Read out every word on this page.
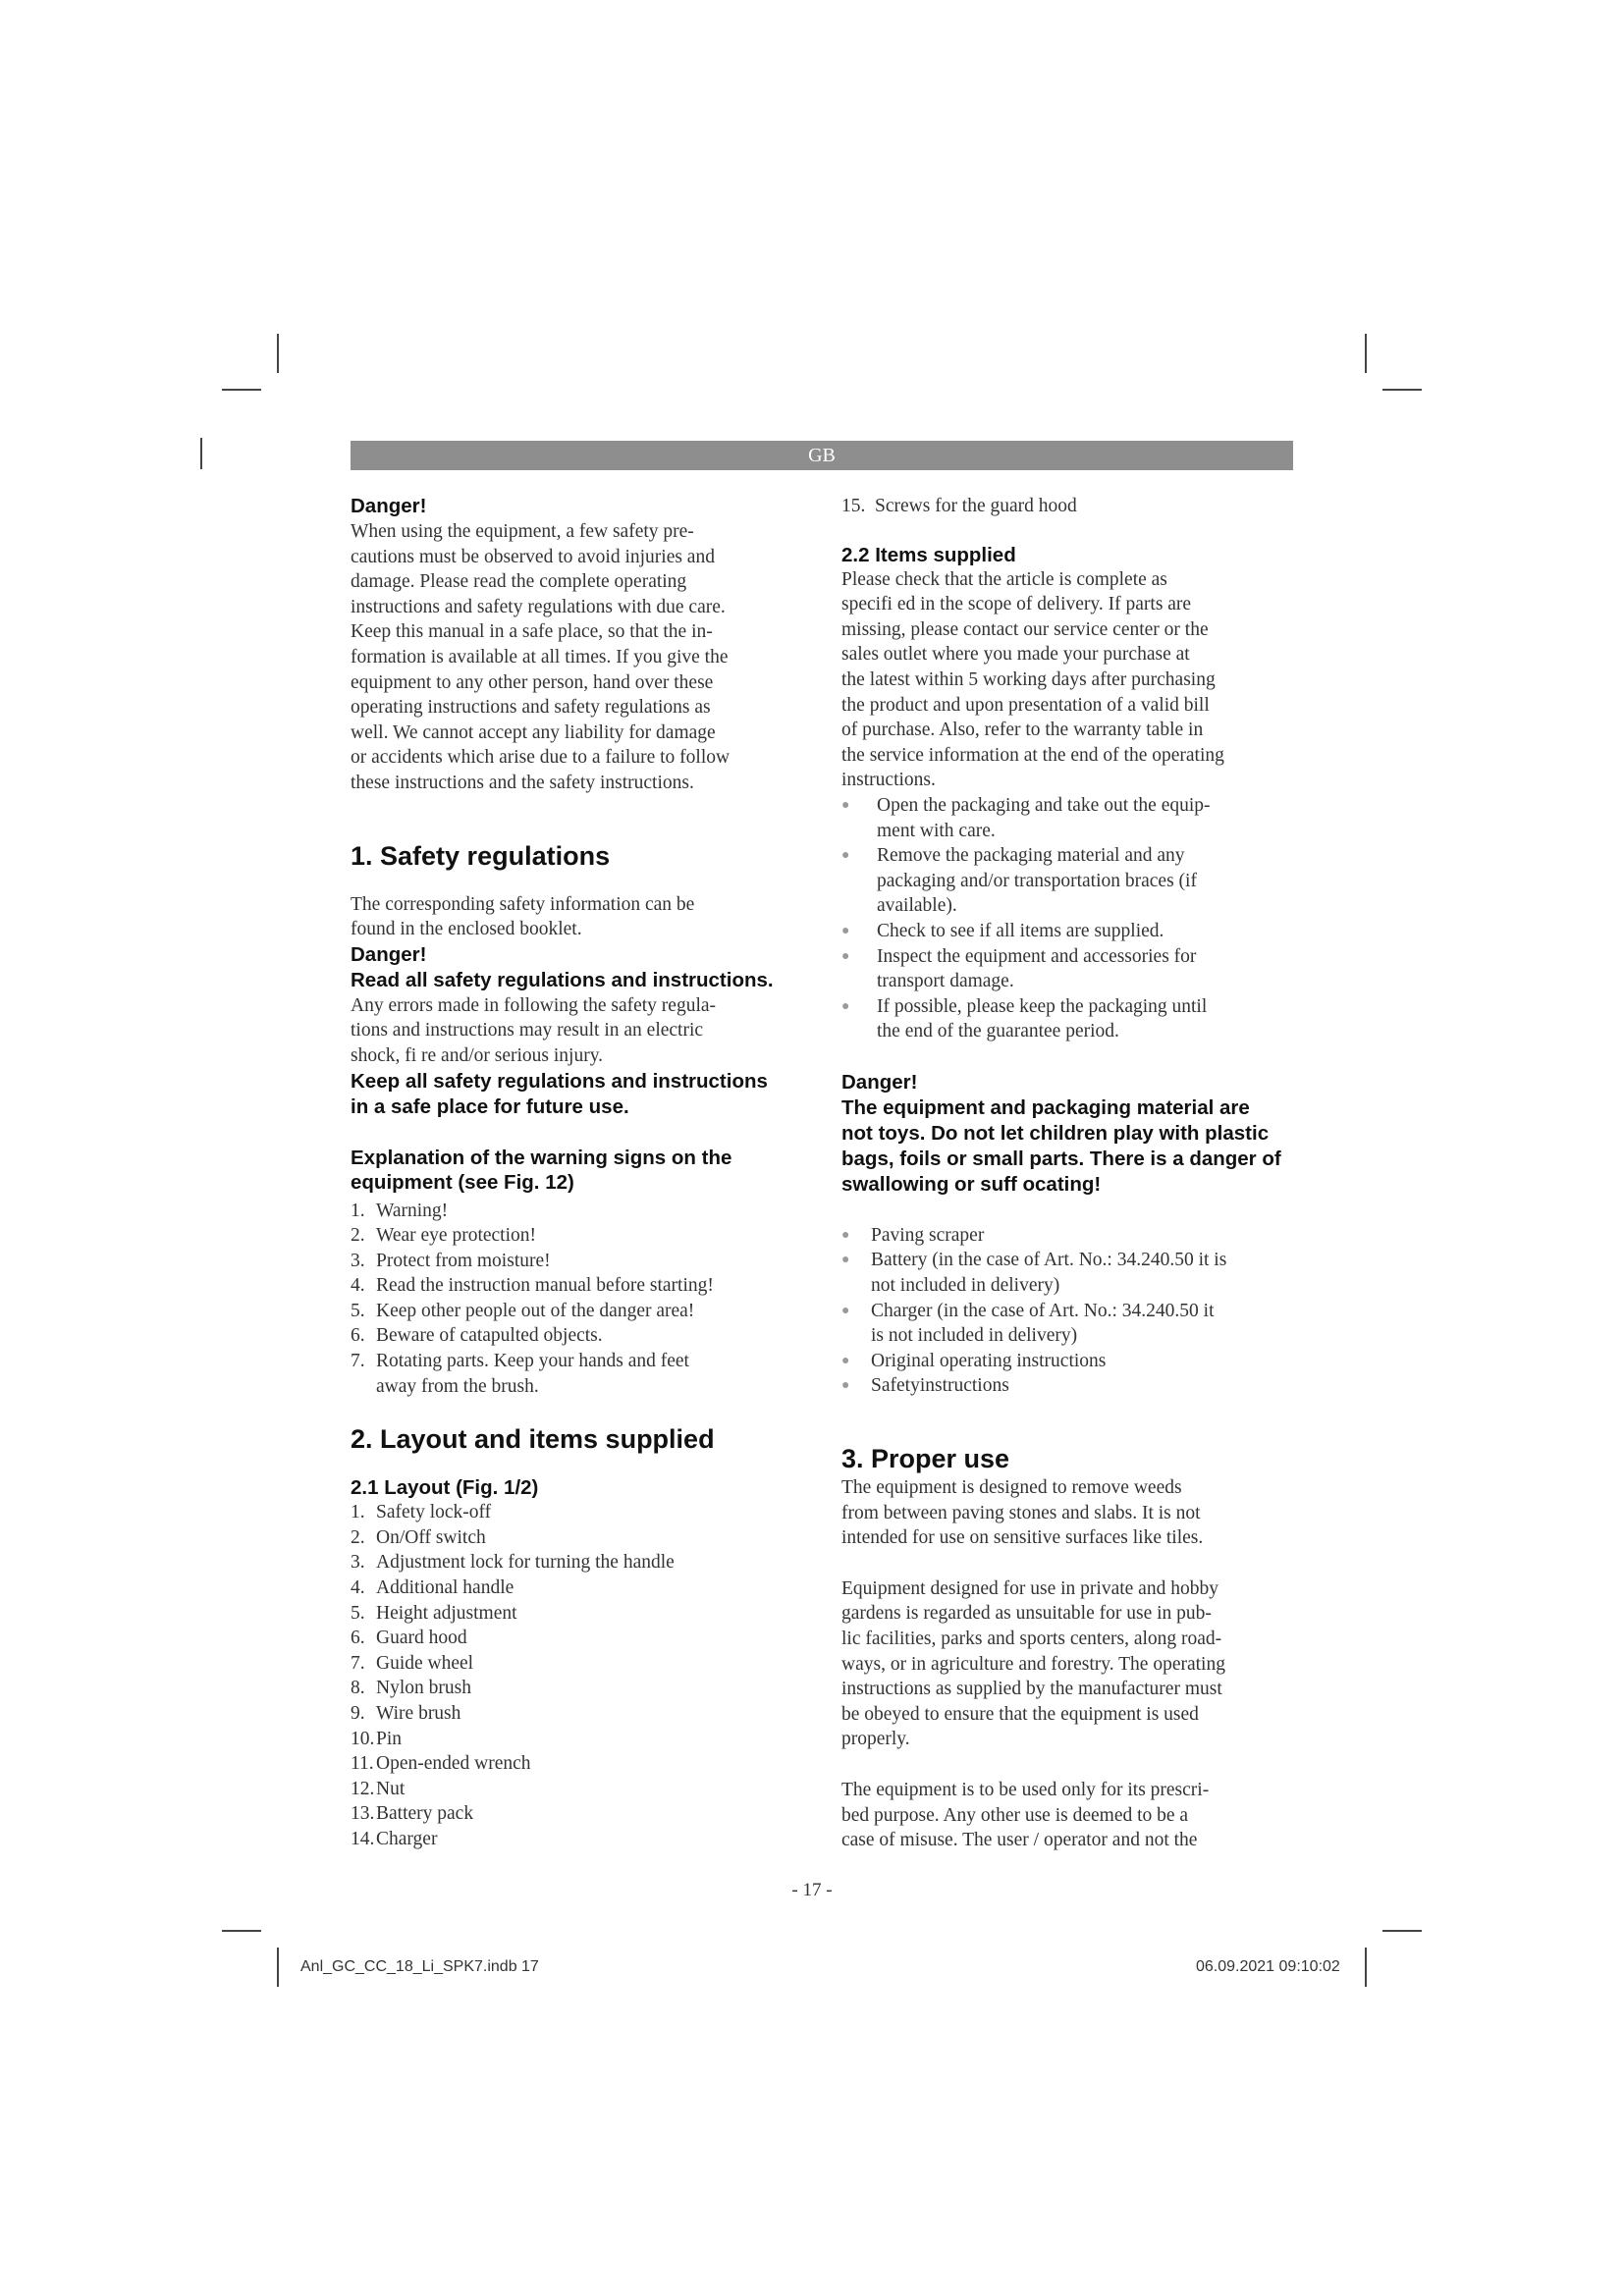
GB
Danger!
When using the equipment, a few safety pre-
cautions must be observed to avoid injuries and
damage. Please read the complete operating
instructions and safety regulations with due care.
Keep this manual in a safe place, so that the in-
formation is available at all times. If you give the
equipment to any other person, hand over these
operating instructions and safety regulations as
well. We cannot accept any liability for damage
or accidents which arise due to a failure to follow
these instructions and the safety instructions.
1. Safety regulations
The corresponding safety information can be
found in the enclosed booklet.
Danger!
Read all safety regulations and instructions.
Any errors made in following the safety regula-
tions and instructions may result in an electric
shock, fi re and/or serious injury.
Keep all safety regulations and instructions
in a safe place for future use.
Explanation of the warning signs on the
equipment (see Fig. 12)
1. Warning!
2. Wear eye protection!
3. Protect from moisture!
4. Read the instruction manual before starting!
5. Keep other people out of the danger area!
6. Beware of catapulted objects.
7. Rotating parts. Keep your hands and feet
away from the brush.
2. Layout and items supplied
2.1 Layout (Fig. 1/2)
1. Safety lock-off
2. On/Off switch
3. Adjustment lock for turning the handle
4. Additional handle
5. Height adjustment
6. Guard hood
7. Guide wheel
8. Nylon brush
9. Wire brush
10. Pin
11. Open-ended wrench
12. Nut
13. Battery pack
14. Charger
15. Screws for the guard hood
2.2 Items supplied
Please check that the article is complete as
specifi ed in the scope of delivery. If parts are
missing, please contact our service center or the
sales outlet where you made your purchase at
the latest within 5 working days after purchasing
the product and upon presentation of a valid bill
of purchase. Also, refer to the warranty table in
the service information at the end of the operating
instructions.
●	Open the packaging and take out the equip-
ment with care.
●	Remove the packaging material and any
packaging and/or transportation braces (if
available).
●	Check to see if all items are supplied.
●	Inspect the equipment and accessories for
transport damage.
●	If possible, please keep the packaging until
the end of the guarantee period.
Danger!
The equipment and packaging material are
not toys. Do not let children play with plastic
bags, foils or small parts. There is a danger of
swallowing or suff ocating!
●	Paving scraper
●	Battery (in the case of Art. No.: 34.240.50 it is
not included in delivery)
●	Charger (in the case of Art. No.: 34.240.50 it
is not included in delivery)
●	Original operating instructions
●	Safetyinstructions
3. Proper use
The equipment is designed to remove weeds
from between paving stones and slabs. It is not
intended for use on sensitive surfaces like tiles.
Equipment designed for use in private and hobby
gardens is regarded as unsuitable for use in pub-
lic facilities, parks and sports centers, along road-
ways, or in agriculture and forestry. The operating
instructions as supplied by the manufacturer must
be obeyed to ensure that the equipment is used
properly.
The equipment is to be used only for its prescri-
bed purpose. Any other use is deemed to be a
case of misuse. The user / operator and not the
- 17 -
Anl_GC_CC_18_Li_SPK7.indb 17	06.09.2021 09:10:02
